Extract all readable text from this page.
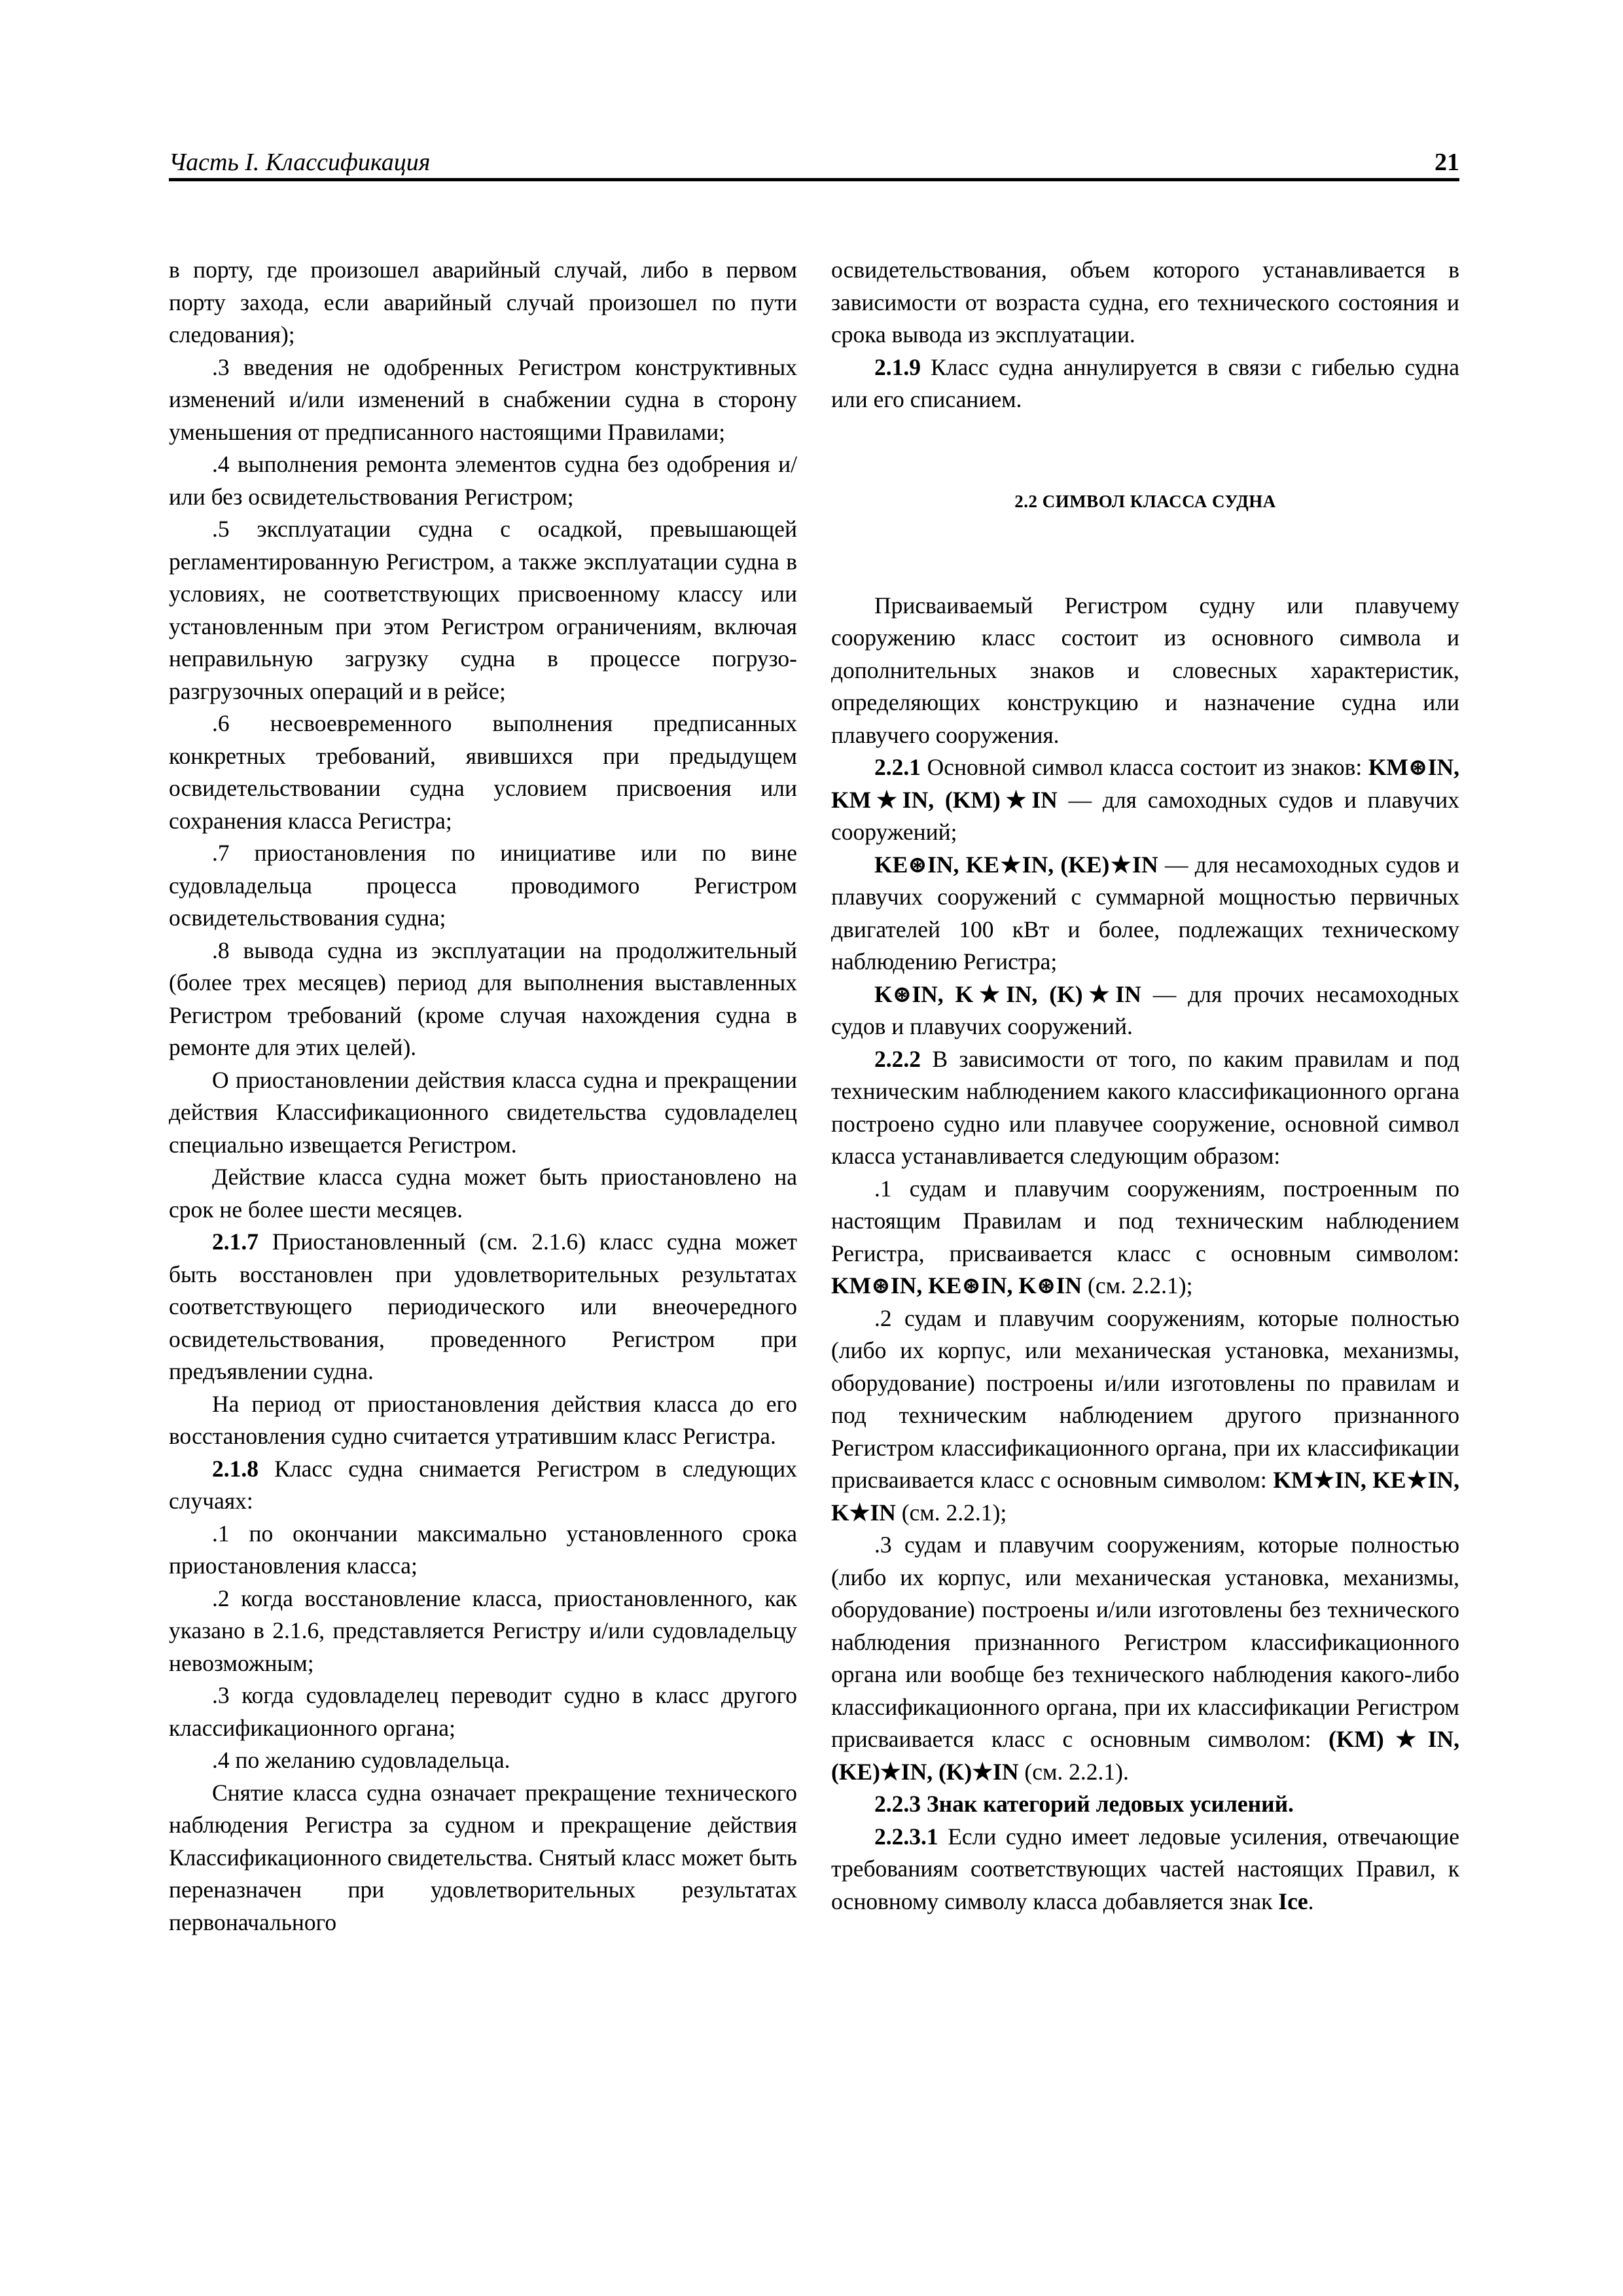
Часть I. Классификация	21

в порту, где произошел аварийный случай, либо в первом порту захода, если аварийный случай произошел по пути следования);

.3 введения не одобренных Регистром конструктивных изменений и/или изменений в снабжении судна в сторону уменьшения от предписанного настоящими Правилами;

.4 выполнения ремонта элементов судна без одобрения и/или без освидетельствования Регистром;

.5 эксплуатации судна с осадкой, превышающей регламентированную Регистром, а также эксплуатации судна в условиях, не соответствующих присвоенному классу или установленным при этом Регистром ограничениям, включая неправильную загрузку судна в процессе погрузо-разгрузочных операций и в рейсе;

.6 несвоевременного выполнения предписанных конкретных требований, явившихся при предыдущем освидетельствовании судна условием присвоения или сохранения класса Регистра;

.7 приостановления по инициативе или по вине судовладельца процесса проводимого Регистром освидетельствования судна;

.8 вывода судна из эксплуатации на продолжительный (более трех месяцев) период для выполнения выставленных Регистром требований (кроме случая нахождения судна в ремонте для этих целей).

О приостановлении действия класса судна и прекращении действия Классификационного свидетельства судовладелец специально извещается Регистром.

Действие класса судна может быть приостановлено на срок не более шести месяцев.

2.1.7 Приостановленный (см. 2.1.6) класс судна может быть восстановлен при удовлетворительных результатах соответствующего периодического или внеочередного освидетельствования, проведенного Регистром при предъявлении судна.

На период от приостановления действия класса до его восстановления судно считается утратившим класс Регистра.

2.1.8 Класс судна снимается Регистром в следующих случаях:

.1 по окончании максимально установленного срока приостановления класса;

.2 когда восстановление класса, приостановленного, как указано в 2.1.6, представляется Регистру и/или судовладельцу невозможным;

.3 когда судовладелец переводит судно в класс другого классификационного органа;

.4 по желанию судовладельца.

Снятие класса судна означает прекращение технического наблюдения Регистра за судном и прекращение действия Классификационного свидетельства. Снятый класс может быть переназначен при удовлетворительных результатах первоначального

освидетельствования, объем которого устанавливается в зависимости от возраста судна, его технического состояния и срока вывода из эксплуатации.

2.1.9 Класс судна аннулируется в связи с гибелью судна или его списанием.

2.2 СИМВОЛ КЛАССА СУДНА

Присваиваемый Регистром судну или плавучему сооружению класс состоит из основного символа и дополнительных знаков и словесных характеристик, определяющих конструкцию и назначение судна или плавучего сооружения.

2.2.1 Основной символ класса состоит из знаков: KM⊛IN, KM★IN, (KM)★IN — для самоходных судов и плавучих сооружений;

KE⊛IN, KE★IN, (KE)★IN — для несамоходных судов и плавучих сооружений с суммарной мощностью первичных двигателей 100 кВт и более, подлежащих техническому наблюдению Регистра;

K⊛IN, K★IN, (K)★IN — для прочих несамоходных судов и плавучих сооружений.

2.2.2 В зависимости от того, по каким правилам и под техническим наблюдением какого классификационного органа построено судно или плавучее сооружение, основной символ класса устанавливается следующим образом:

.1 судам и плавучим сооружениям, построенным по настоящим Правилам и под техническим наблюдением Регистра, присваивается класс с основным символом: KM⊛IN, KE⊛IN, K⊛IN (см. 2.2.1);

.2 судам и плавучим сооружениям, которые полностью (либо их корпус, или механическая установка, механизмы, оборудование) построены и/или изготовлены по правилам и под техническим наблюдением другого признанного Регистром классификационного органа, при их классификации присваивается класс с основным символом: KM★IN, KE★IN, K★IN (см. 2.2.1);

.3 судам и плавучим сооружениям, которые полностью (либо их корпус, или механическая установка, механизмы, оборудование) построены и/или изготовлены без технического наблюдения признанного Регистром классификационного органа или вообще без технического наблюдения какого-либо классификационного органа, при их классификации Регистром присваивается класс с основным символом: (KM)★IN, (KE)★IN, (K)★IN (см. 2.2.1).

2.2.3 Знак категорий ледовых усилений.

2.2.3.1 Если судно имеет ледовые усиления, отвечающие требованиям соответствующих частей настоящих Правил, к основному символу класса добавляется знак Ice.
